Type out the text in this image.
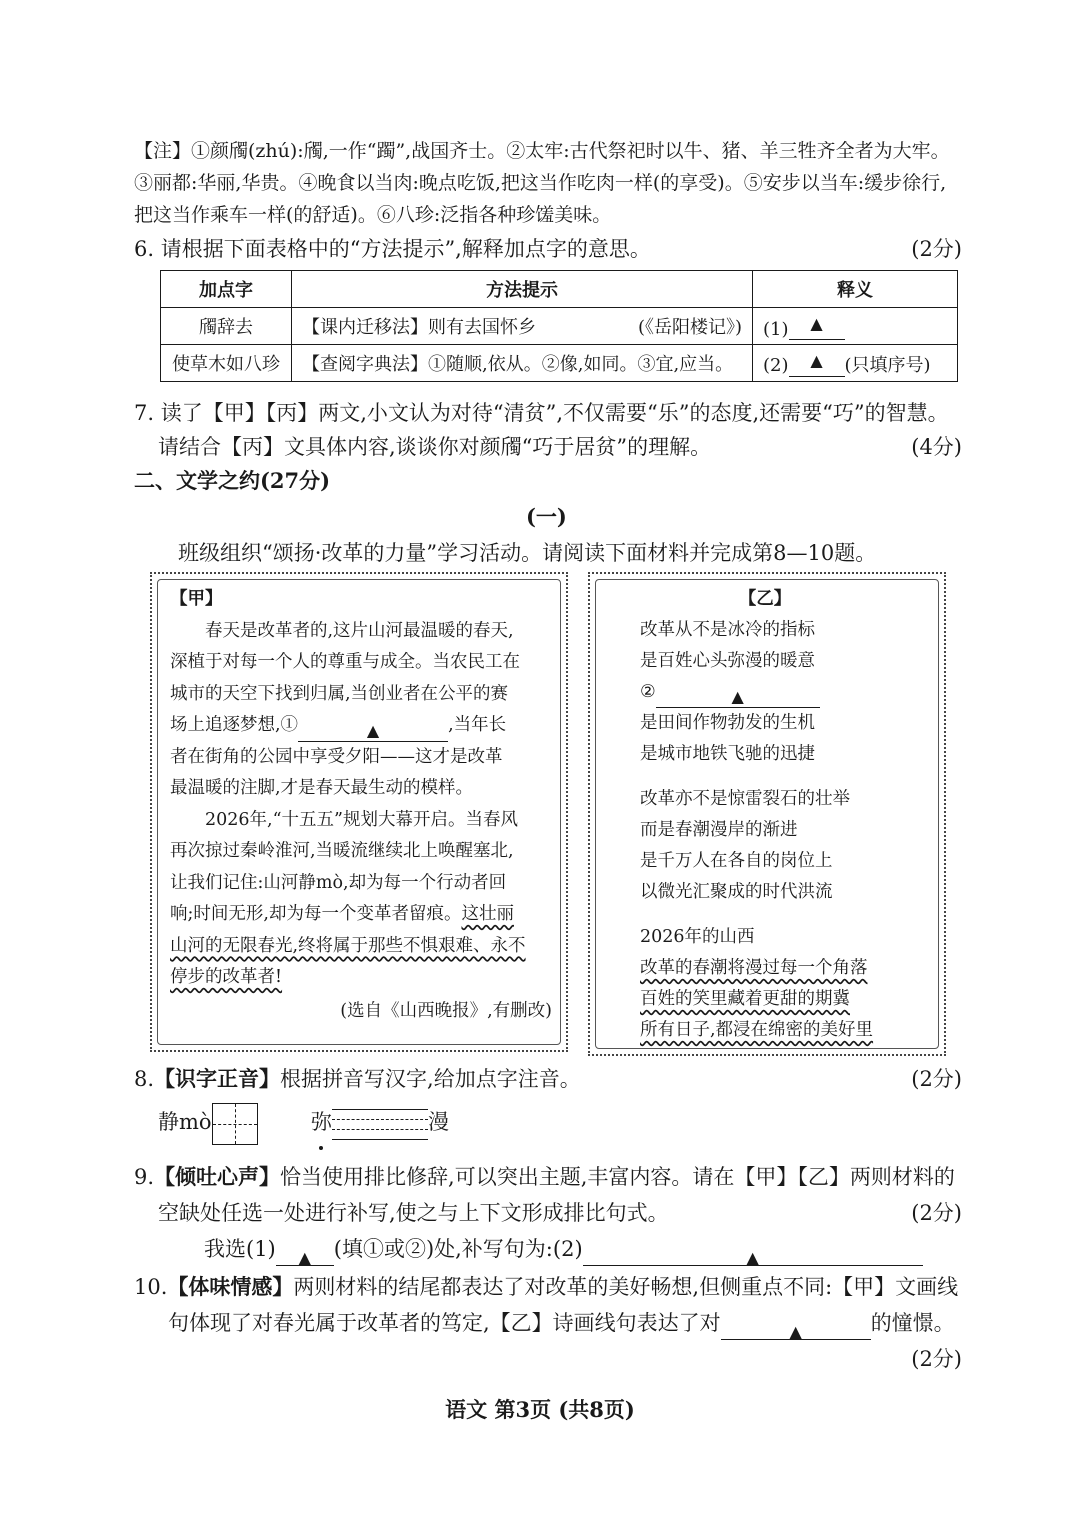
【注】①颜斶(zhú):斶,一作“躅”,战国齐士。②太牢:古代祭祀时以牛、猪、羊三牲齐全者为大牢。
③丽都:华丽,华贵。④晚食以当肉:晚点吃饭,把这当作吃肉一样(的享受)。⑤安步以当车:缓步徐行,
把这当作乘车一样(的舒适)。⑥八珍:泛指各种珍馐美味。
6. 请根据下面表格中的“方法提示”,解释加点字的意思。	(2分)
加点字	方法提示	释义
斶辞去	【课内迁移法】则有去国怀乡 (《岳阳楼记》)	(1) ▲
使草木如八珍	【查阅字典法】①随顺,依从。②像,如同。③宜,应当。	(2) ▲ (只填序号)
7. 读了【甲】【丙】两文,小文认为对待“清贫”,不仅需要“乐”的态度,还需要“巧”的智慧。
请结合【丙】文具体内容,谈谈你对颜斶“巧于居贫”的理解。	(4分)
二、文学之约(27分)
(一)
班级组织“颂扬·改革的力量”学习活动。请阅读下面材料并完成第8—10题。

【甲】

春天是改革者的,这片山河最温暖的春天,

深植于对每一个人的尊重与成全。当农民工在

城市的天空下找到归属,当创业者在公平的赛

场上追逐梦想,①	▲	,当年长

者在街角的公园中享受夕阳——这才是改革

最温暖的注脚,才是春天最生动的模样。

2026年,“十五五”规划大幕开启。当春风

再次掠过秦岭淮河,当暖流继续北上唤醒塞北,

让我们记住:山河静mò,却为每一个行动者回

响;时间无形,却为每一个变革者留痕。这壮丽

山河的无限春光,终将属于那些不惧艰难、永不

停步的改革者!

(选自《山西晚报》,有删改)

【乙】

改革从不是冰冷的指标

是百姓心头弥漫的暖意

②	▲

是田间作物勃发的生机

是城市地铁飞驰的迅捷

改革亦不是惊雷裂石的壮举

而是春潮漫岸的渐进

是千万人在各自的岗位上

以微光汇聚成的时代洪流

2026年的山西

改革的春潮将漫过每一个角落

百姓的笑里藏着更甜的期冀

所有日子,都浸在绵密的美好里

8.【识字正音】根据拼音写汉字,给加点字注音。	(2分)
静mò	弥	漫
9.【倾吐心声】恰当使用排比修辞,可以突出主题,丰富内容。请在【甲】【乙】两则材料的
空缺处任选一处进行补写,使之与上下文形成排比句式。	(2分)
我选(1) ▲ (填①或②)处,补写句为:(2)	▲
10.【体味情感】两则材料的结尾都表达了对改革的美好畅想,但侧重点不同:【甲】文画线
句体现了对春光属于改革者的笃定,【乙】诗画线句表达了对	▲	的憧憬。
(2分)
语文 第3页 (共8页)
